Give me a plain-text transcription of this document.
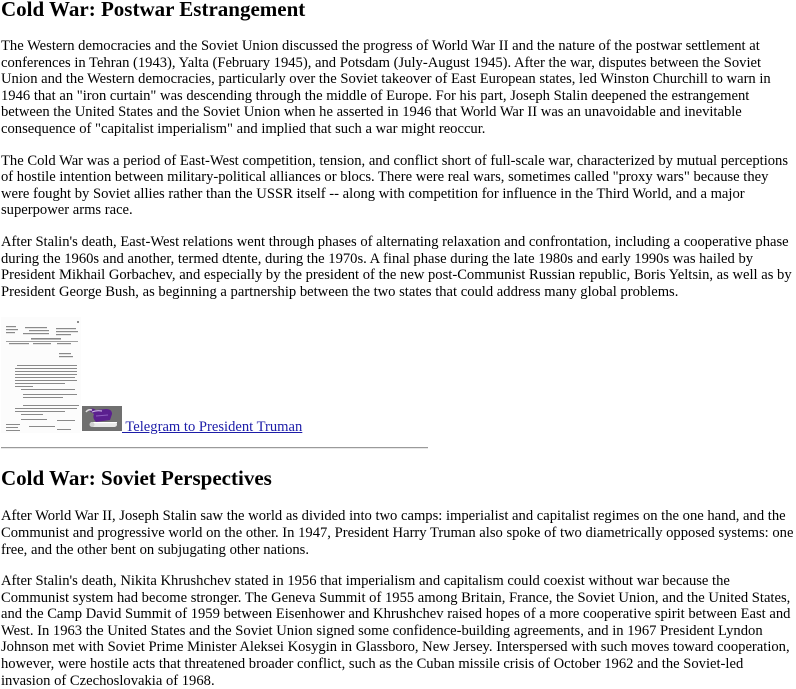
Cold War: Postwar Estrangement

The Western democracies and the Soviet Union discussed the progress of World War II and the nature of the postwar settlement at conferences in Tehran (1943), Yalta (February 1945), and Potsdam (July-August 1945). After the war, disputes between the Soviet Union and the Western democracies, particularly over the Soviet takeover of East European states, led Winston Churchill to warn in 1946 that an "iron curtain" was descending through the middle of Europe. For his part, Joseph Stalin deepened the estrangement between the United States and the Soviet Union when he asserted in 1946 that World War II was an unavoidable and inevitable consequence of "capitalist imperialism" and implied that such a war might reoccur.

The Cold War was a period of East-West competition, tension, and conflict short of full-scale war, characterized by mutual perceptions of hostile intention between military-political alliances or blocs. There were real wars, sometimes called "proxy wars" because they were fought by Soviet allies rather than the USSR itself -- along with competition for influence in the Third World, and a major superpower arms race.

After Stalin's death, East-West relations went through phases of alternating relaxation and confrontation, including a cooperative phase during the 1960s and another, termed dtente, during the 1970s. A final phase during the late 1980s and early 1990s was hailed by President Mikhail Gorbachev, and especially by the president of the new post-Communist Russian republic, Boris Yeltsin, as well as by President George Bush, as beginning a partnership between the two states that could address many global problems.

Telegram to President Truman
Cold War: Soviet Perspectives

After World War II, Joseph Stalin saw the world as divided into two camps: imperialist and capitalist regimes on the one hand, and the Communist and progressive world on the other. In 1947, President Harry Truman also spoke of two diametrically opposed systems: one free, and the other bent on subjugating other nations.

After Stalin's death, Nikita Khrushchev stated in 1956 that imperialism and capitalism could coexist without war because the Communist system had become stronger. The Geneva Summit of 1955 among Britain, France, the Soviet Union, and the United States, and the Camp David Summit of 1959 between Eisenhower and Khrushchev raised hopes of a more cooperative spirit between East and West. In 1963 the United States and the Soviet Union signed some confidence-building agreements, and in 1967 President Lyndon Johnson met with Soviet Prime Minister Aleksei Kosygin in Glassboro, New Jersey. Interspersed with such moves toward cooperation, however, were hostile acts that threatened broader conflict, such as the Cuban missile crisis of October 1962 and the Soviet-led invasion of Czechoslovakia of 1968.
